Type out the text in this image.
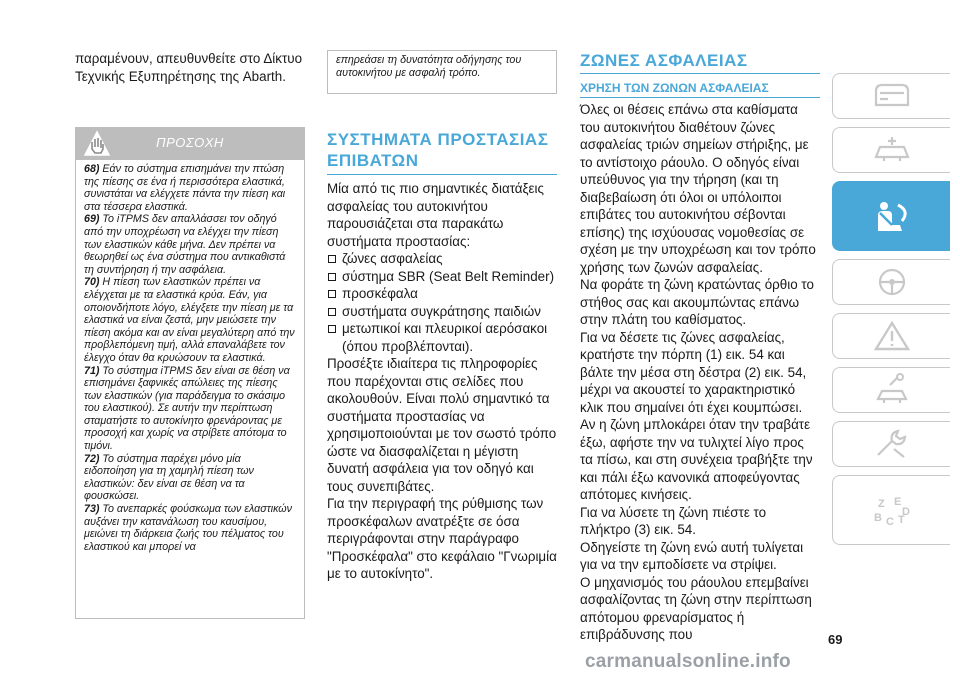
παραμένουν, απευθυνθείτε στο Δίκτυο Τεχνικής Εξυπηρέτησης της Abarth.

ΠΡΟΣΟΧΗ

68) Εάν το σύστημα επισημάνει την πτώση της πίεσης σε ένα ή περισσότερα ελαστικά, συνιστάται να ελέγχετε πάντα την πίεση και στα τέσσερα ελαστικά.

69) Το iTPMS δεν απαλλάσσει τον οδηγό από την υποχρέωση να ελέγχει την πίεση των ελαστικών κάθε μήνα. Δεν πρέπει να θεωρηθεί ως ένα σύστημα που αντικαθιστά τη συντήρηση ή την ασφάλεια.

70) Η πίεση των ελαστικών πρέπει να ελέγχεται με τα ελαστικά κρύα. Εάν, για οποιονδήποτε λόγο, ελέγξετε την πίεση με τα ελαστικά να είναι ζεστά, μην μειώσετε την πίεση ακόμα και αν είναι μεγαλύτερη από την προβλεπόμενη τιμή, αλλά επαναλάβετε τον έλεγχο όταν θα κρυώσουν τα ελαστικά.

71) Το σύστημα iTPMS δεν είναι σε θέση να επισημάνει ξαφνικές απώλειες της πίεσης των ελαστικών (για παράδειγμα το σκάσιμο του ελαστικού). Σε αυτήν την περίπτωση σταματήστε το αυτοκίνητο φρενάροντας με προσοχή και χωρίς να στρίβετε απότομα το τιμόνι.

72) Το σύστημα παρέχει μόνο μία ειδοποίηση για τη χαμηλή πίεση των ελαστικών: δεν είναι σε θέση να τα φουσκώσει.

73) Το ανεπαρκές φούσκωμα των ελαστικών αυξάνει την κατανάλωση του καυσίμου, μειώνει τη διάρκεια ζωής του πέλματος του ελαστικού και μπορεί να

επηρεάσει τη δυνατότητα οδήγησης του αυτοκινήτου με ασφαλή τρόπο.

ΣΥΣΤΗΜΑΤΑ ΠΡΟΣΤΑΣΙΑΣ ΕΠΙΒΑΤΩΝ

Μία από τις πιο σημαντικές διατάξεις ασφαλείας του αυτοκινήτου παρουσιάζεται στα παρακάτω συστήματα προστασίας:

ζώνες ασφαλείας
σύστημα SBR (Seat Belt Reminder)
προσκέφαλα
συστήματα συγκράτησης παιδιών
μετωπικοί και πλευρικοί αερόσακοι (όπου προβλέπονται).

Προσέξτε ιδιαίτερα τις πληροφορίες που παρέχονται στις σελίδες που ακολουθούν. Είναι πολύ σημαντικό τα συστήματα προστασίας να χρησιμοποιούνται με τον σωστό τρόπο ώστε να διασφαλίζεται η μέγιστη δυνατή ασφάλεια για τον οδηγό και τους συνεπιβάτες.

Για την περιγραφή της ρύθμισης των προσκέφαλων ανατρέξτε σε όσα περιγράφονται στην παράγραφο "Προσκέφαλα" στο κεφάλαιο "Γνωριμία με το αυτοκίνητο".

ΖΩΝΕΣ ΑΣΦΑΛΕΙΑΣ
ΧΡΗΣΗ ΤΩΝ ΖΩΝΩΝ ΑΣΦΑΛΕΙΑΣ

Όλες οι θέσεις επάνω στα καθίσματα του αυτοκινήτου διαθέτουν ζώνες ασφαλείας τριών σημείων στήριξης, με το αντίστοιχο ράουλο. Ο οδηγός είναι υπεύθυνος για την τήρηση (και τη διαβεβαίωση ότι όλοι οι υπόλοιποι επιβάτες του αυτοκινήτου σέβονται επίσης) της ισχύουσας νομοθεσίας σε σχέση με την υποχρέωση και τον τρόπο χρήσης των ζωνών ασφαλείας.

Να φοράτε τη ζώνη κρατώντας όρθιο το στήθος σας και ακουμπώντας επάνω στην πλάτη του καθίσματος.

Για να δέσετε τις ζώνες ασφαλείας, κρατήστε την πόρπη (1) εικ. 54 και βάλτε την μέσα στη δέστρα (2) εικ. 54, μέχρι να ακουστεί το χαρακτηριστικό κλικ που σημαίνει ότι έχει κουμπώσει.

Αν η ζώνη μπλοκάρει όταν την τραβάτε έξω, αφήστε την να τυλιχτεί λίγο προς τα πίσω, και στη συνέχεια τραβήξτε την και πάλι έξω κανονικά αποφεύγοντας απότομες κινήσεις.

Για να λύσετε τη ζώνη πιέστε το πλήκτρο (3) εικ. 54.

Οδηγείστε τη ζώνη ενώ αυτή τυλίγεται για να την εμποδίσετε να στρίψει.

Ο μηχανισμός του ράουλου επεμβαίνει ασφαλίζοντας τη ζώνη στην περίπτωση απότομου φρεναρίσματος ή επιβράδυνσης που

Z E
B C T
D
69
carmanualsonline.info
